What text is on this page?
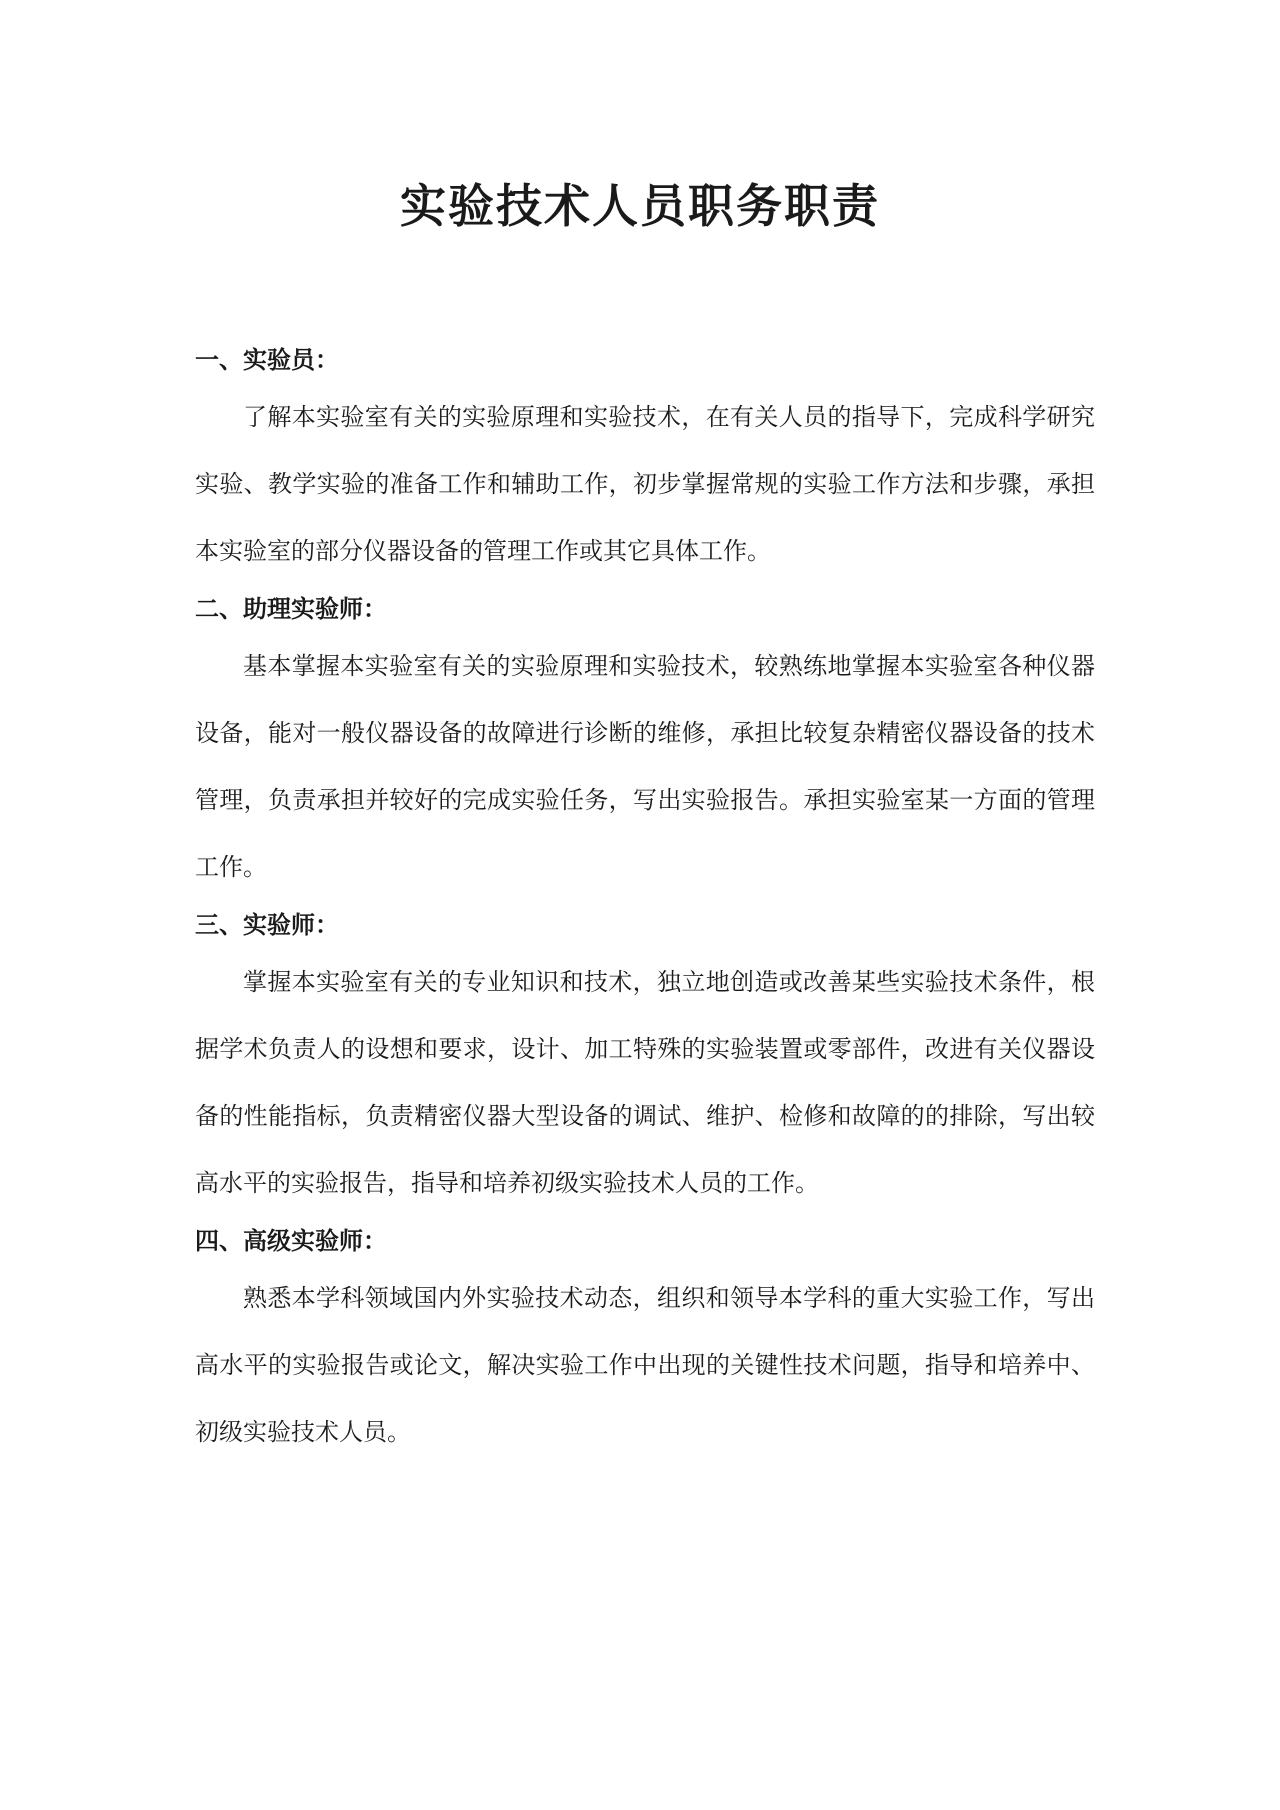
实验技术人员职务职责

一、实验员：

了解本实验室有关的实验原理和实验技术，在有关人员的指导下，完成科学研究实验、教学实验的准备工作和辅助工作，初步掌握常规的实验工作方法和步骤，承担本实验室的部分仪器设备的管理工作或其它具体工作。

二、助理实验师：

基本掌握本实验室有关的实验原理和实验技术，较熟练地掌握本实验室各种仪器设备，能对一般仪器设备的故障进行诊断的维修，承担比较复杂精密仪器设备的技术管理，负责承担并较好的完成实验任务，写出实验报告。承担实验室某一方面的管理工作。

三、实验师：

掌握本实验室有关的专业知识和技术，独立地创造或改善某些实验技术条件，根据学术负责人的设想和要求，设计、加工特殊的实验装置或零部件，改进有关仪器设备的性能指标，负责精密仪器大型设备的调试、维护、检修和故障的的排除，写出较高水平的实验报告，指导和培养初级实验技术人员的工作。

四、高级实验师：

熟悉本学科领域国内外实验技术动态，组织和领导本学科的重大实验工作，写出高水平的实验报告或论文，解决实验工作中出现的关键性技术问题，指导和培养中、初级实验技术人员。
